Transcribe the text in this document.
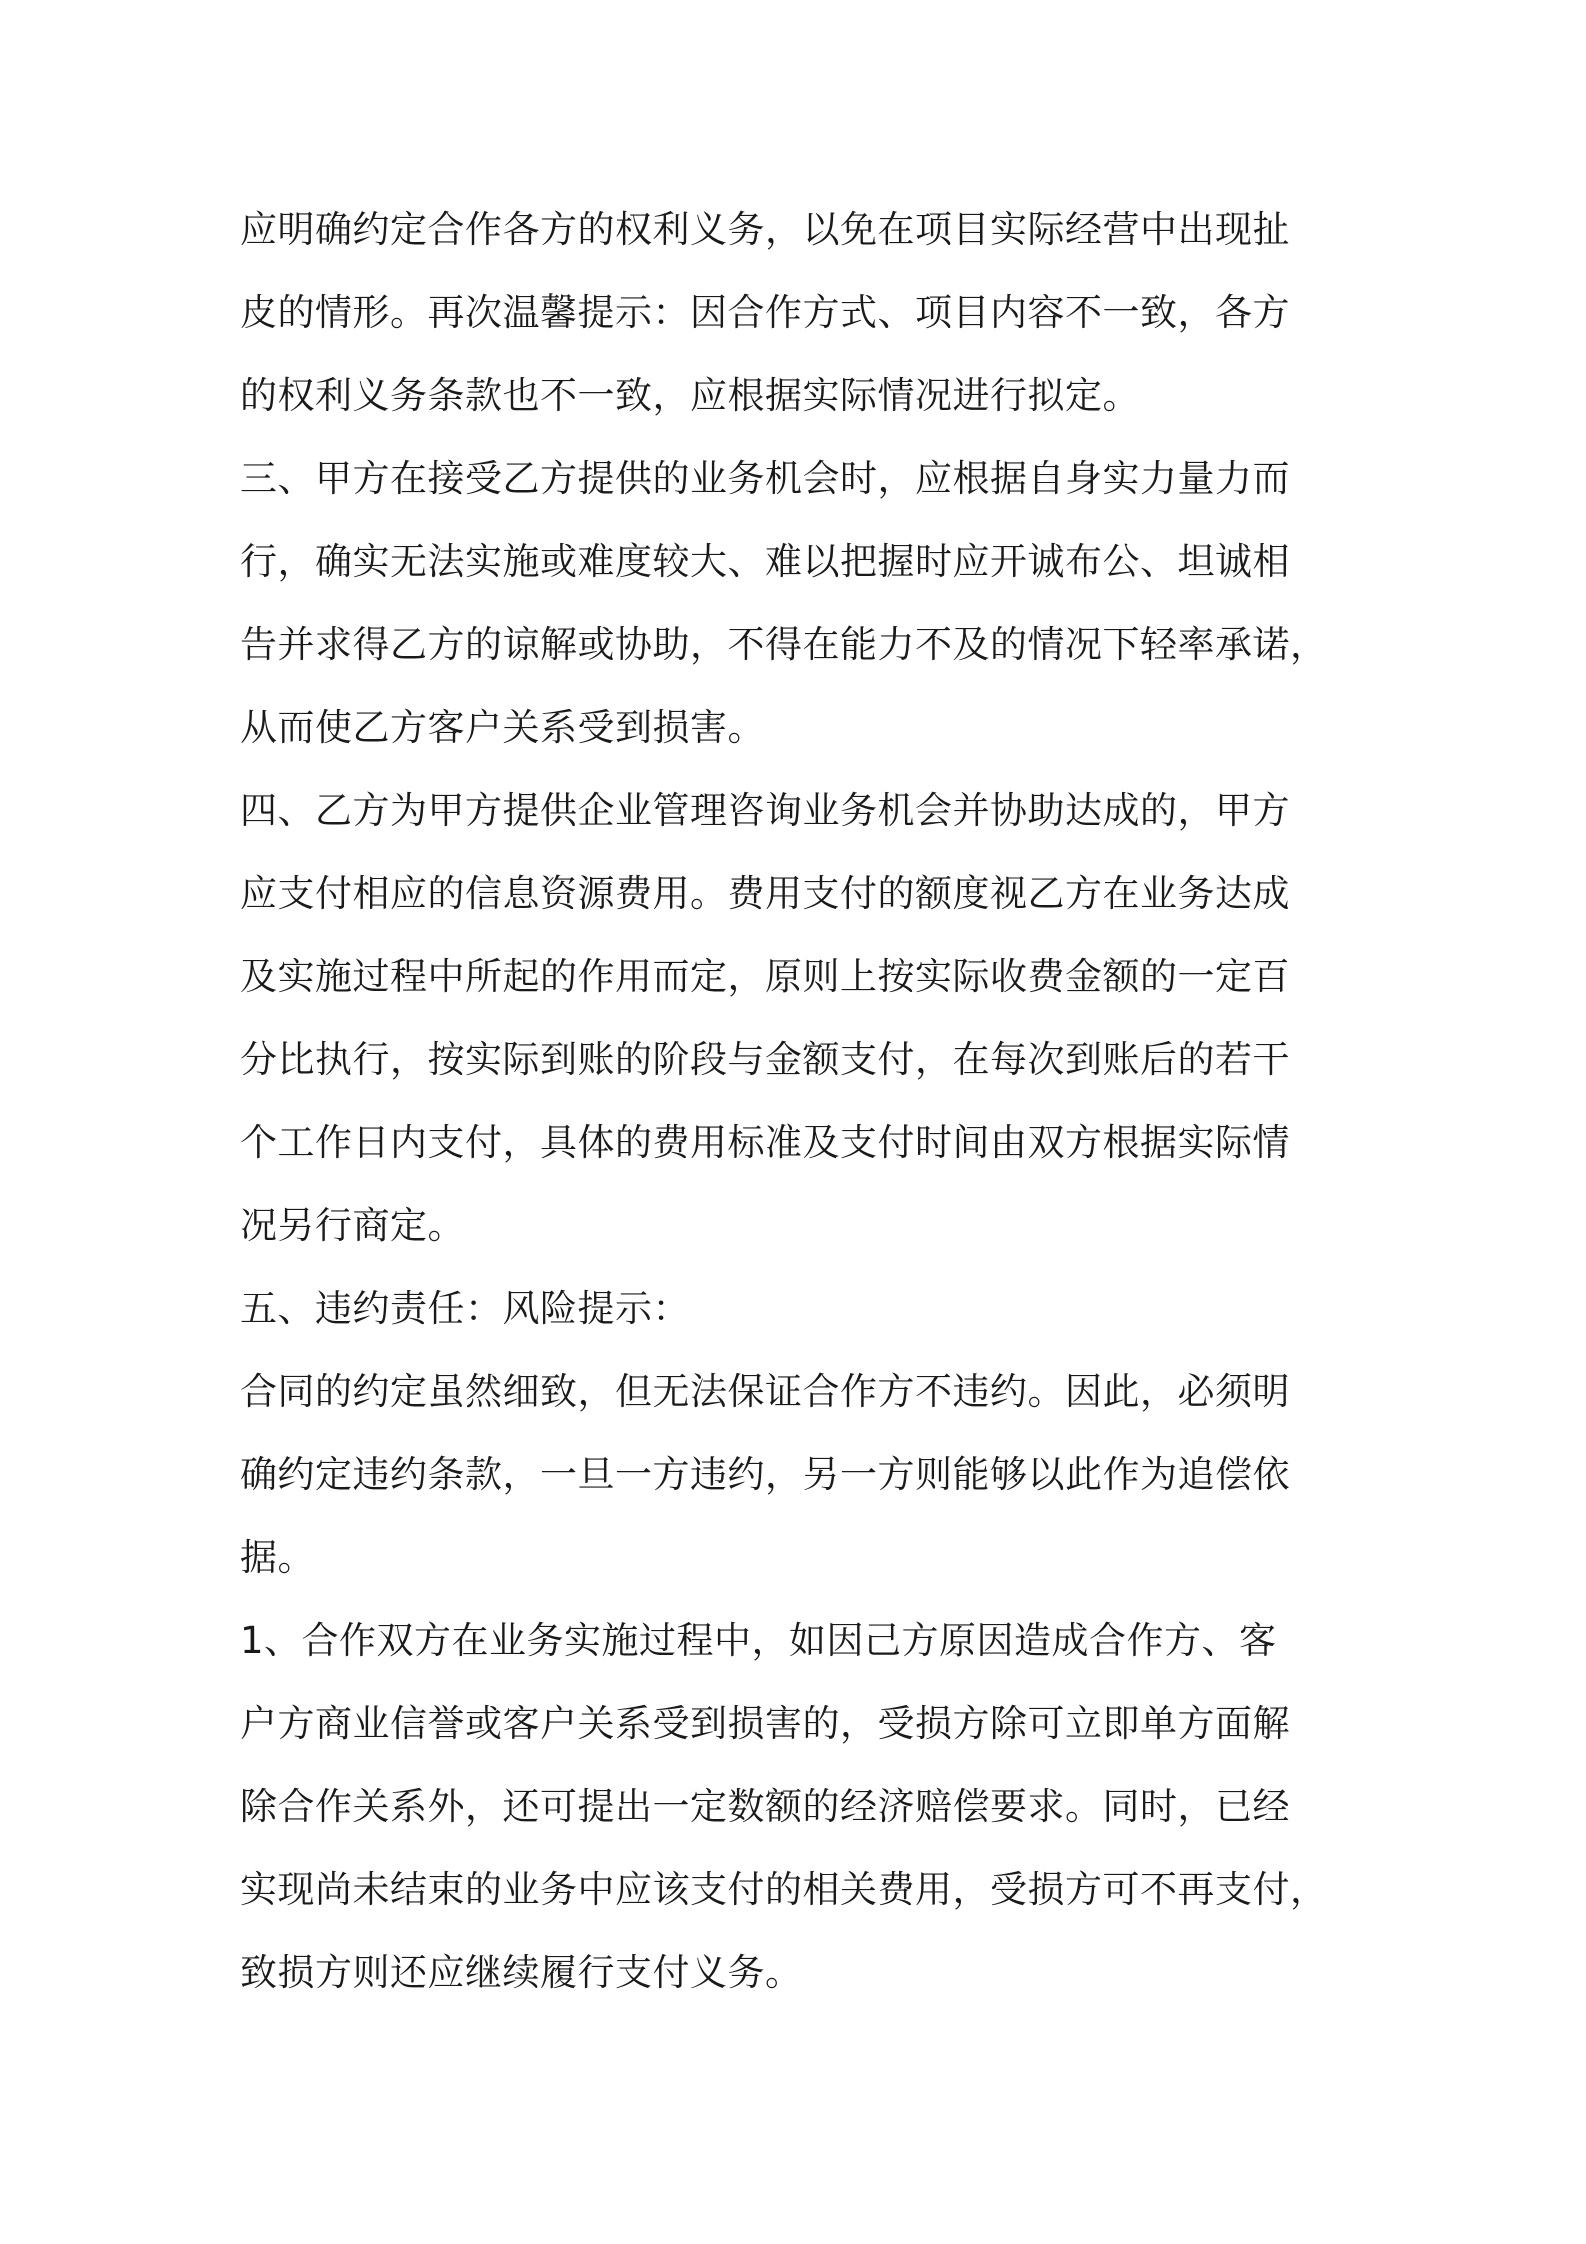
应明确约定合作各方的权利义务，以免在项目实际经营中出现扯

皮的情形。再次温馨提示：因合作方式、项目内容不一致，各方

的权利义务条款也不一致，应根据实际情况进行拟定。

三、甲方在接受乙方提供的业务机会时，应根据自身实力量力而

行，确实无法实施或难度较大、难以把握时应开诚布公、坦诚相

告并求得乙方的谅解或协助，不得在能力不及的情况下轻率承诺，

从而使乙方客户关系受到损害。

四、乙方为甲方提供企业管理咨询业务机会并协助达成的，甲方

应支付相应的信息资源费用。费用支付的额度视乙方在业务达成

及实施过程中所起的作用而定，原则上按实际收费金额的一定百

分比执行，按实际到账的阶段与金额支付，在每次到账后的若干

个工作日内支付，具体的费用标准及支付时间由双方根据实际情

况另行商定。

五、违约责任：风险提示：

合同的约定虽然细致，但无法保证合作方不违约。因此，必须明

确约定违约条款，一旦一方违约，另一方则能够以此作为追偿依

据。

1、合作双方在业务实施过程中，如因己方原因造成合作方、客

户方商业信誉或客户关系受到损害的，受损方除可立即单方面解

除合作关系外，还可提出一定数额的经济赔偿要求。同时，已经

实现尚未结束的业务中应该支付的相关费用，受损方可不再支付，

致损方则还应继续履行支付义务。
